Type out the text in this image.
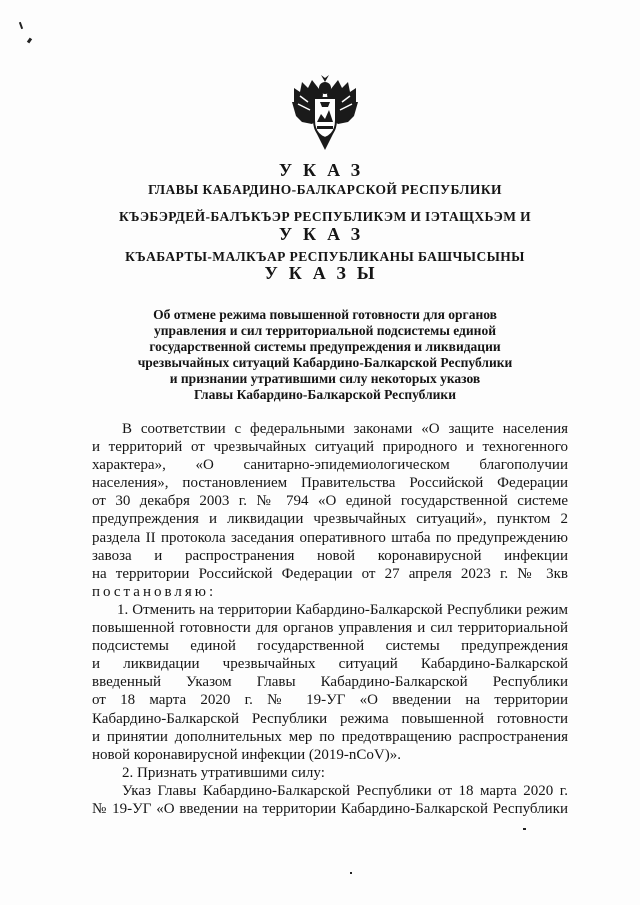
УКАЗ
ГЛАВЫ КАБАРДИНО-БАЛКАРСКОЙ РЕСПУБЛИКИ
КЪЭБЭРДЕЙ-БАЛЪКЪЭР РЕСПУБЛИКЭМ И ІЭТАЩХЬЭМ И
УКАЗ
КЪАБАРТЫ-МАЛКЪАР РЕСПУБЛИКАНЫ БАШЧЫСЫНЫ
УКАЗЫ
Об отмене режима повышенной готовности для органов
управления и сил территориальной подсистемы единой
государственной системы предупреждения и ликвидации
чрезвычайных ситуаций Кабардино-Балкарской Республики
и признании утратившими силу некоторых указов
Главы Кабардино-Балкарской Республики
В соответствии с федеральными законами «О защите населения
и территорий от чрезвычайных ситуаций природного и техногенного
характера», «О санитарно-эпидемиологическом благополучии
населения», постановлением Правительства Российской Федерации
от 30 декабря 2003 г. № 794 «О единой государственной системе
предупреждения и ликвидации чрезвычайных ситуаций», пунктом 2
раздела II протокола заседания оперативного штаба по предупреждению
завоза и распространения новой коронавирусной инфекции
на территории Российской Федерации от 27 апреля 2023 г. № 3кв
постановляю:
1. Отменить на территории Кабардино-Балкарской Республики режим
повышенной готовности для органов управления и сил территориальной
подсистемы единой государственной системы предупреждения
и ликвидации чрезвычайных ситуаций Кабардино-Балкарской
введенный Указом Главы Кабардино-Балкарской Республики
от 18 марта 2020 г. № 19-УГ «О введении на территории
Кабардино-Балкарской Республики режима повышенной готовности
и принятии дополнительных мер по предотвращению распространения
новой коронавирусной инфекции (2019-nCoV)».
2. Признать утратившими силу:
Указ Главы Кабардино-Балкарской Республики от 18 марта 2020 г.
№ 19-УГ «О введении на территории Кабардино-Балкарской Республики
